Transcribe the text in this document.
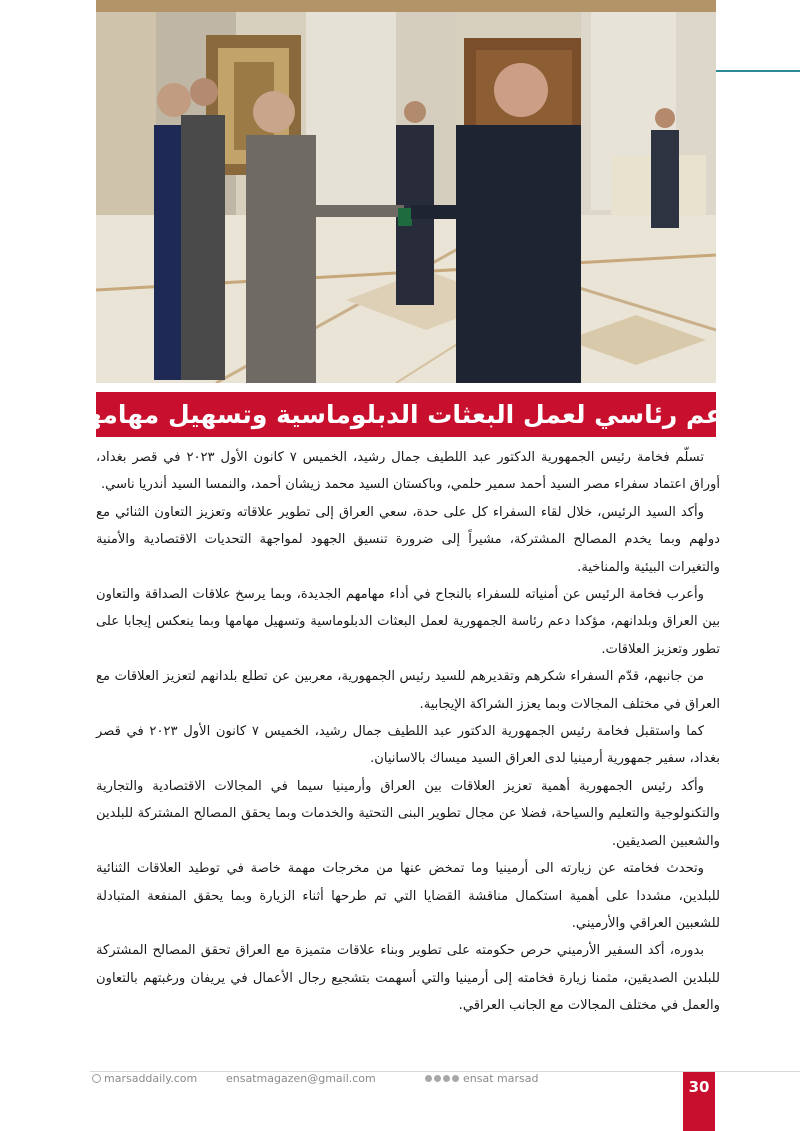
دعم رئاسي لعمل البعثات الدبلوماسية وتسهيل مهامها

تسلّم فخامة رئيس الجمهورية الدكتور عبد اللطيف جمال رشيد، الخميس ٧ كانون الأول ٢٠٢٣ في قصر بغداد، أوراق اعتماد سفراء مصر السيد أحمد سمير حلمي، وباكستان السيد محمد زيشان أحمد، والنمسا السيد أندريا ناسي.

وأكد السيد الرئيس، خلال لقاء السفراء كل على حدة، سعي العراق إلى تطوير علاقاته وتعزيز التعاون الثنائي مع دولهم وبما يخدم المصالح المشتركة، مشيراً إلى ضرورة تنسيق الجهود لمواجهة التحديات الاقتصادية والأمنية والتغيرات البيئية والمناخية.

وأعرب فخامة الرئيس عن أمنياته للسفراء بالنجاح في أداء مهامهم الجديدة، وبما يرسخ علاقات الصداقة والتعاون بين العراق وبلدانهم، مؤكدا دعم رئاسة الجمهورية لعمل البعثات الدبلوماسية وتسهيل مهامها وبما ينعكس إيجابا على تطور وتعزيز العلاقات.

من جانبهم، قدّم السفراء شكرهم وتقديرهم للسيد رئيس الجمهورية، معربين عن تطلع بلدانهم لتعزيز العلاقات مع العراق في مختلف المجالات وبما يعزز الشراكة الإيجابية.

كما واستقبل فخامة رئيس الجمهورية الدكتور عبد اللطيف جمال رشيد، الخميس ٧ كانون الأول ٢٠٢٣ في قصر بغداد، سفير جمهورية أرمينيا لدى العراق السيد ميساك بالاسانيان.

وأكد رئيس الجمهورية أهمية تعزيز العلاقات بين العراق وأرمينيا سيما في المجالات الاقتصادية والتجارية والتكنولوجية والتعليم والسياحة، فضلا عن مجال تطوير البنى التحتية والخدمات وبما يحقق المصالح المشتركة للبلدين والشعبين الصديقين.

وتحدث فخامته عن زيارته الى أرمينيا وما تمخض عنها من مخرجات مهمة خاصة في توطيد العلاقات الثنائية للبلدين، مشددا على أهمية استكمال مناقشة القضايا التي تم طرحها أثناء الزيارة وبما يحقق المنفعة المتبادلة للشعبين العراقي والأرميني.

بدوره، أكد السفير الأرميني حرص حكومته على تطوير وبناء علاقات متميزة مع العراق تحقق المصالح المشتركة للبلدين الصديقين، مثمنا زيارة فخامته إلى أرمينيا والتي أسهمت بتشجيع رجال الأعمال في يريفان ورغبتهم بالتعاون والعمل في مختلف المجالات مع الجانب العراقي.

marsaddaily.com	ensatmagazen@gmail.com	ensat marsad	30
